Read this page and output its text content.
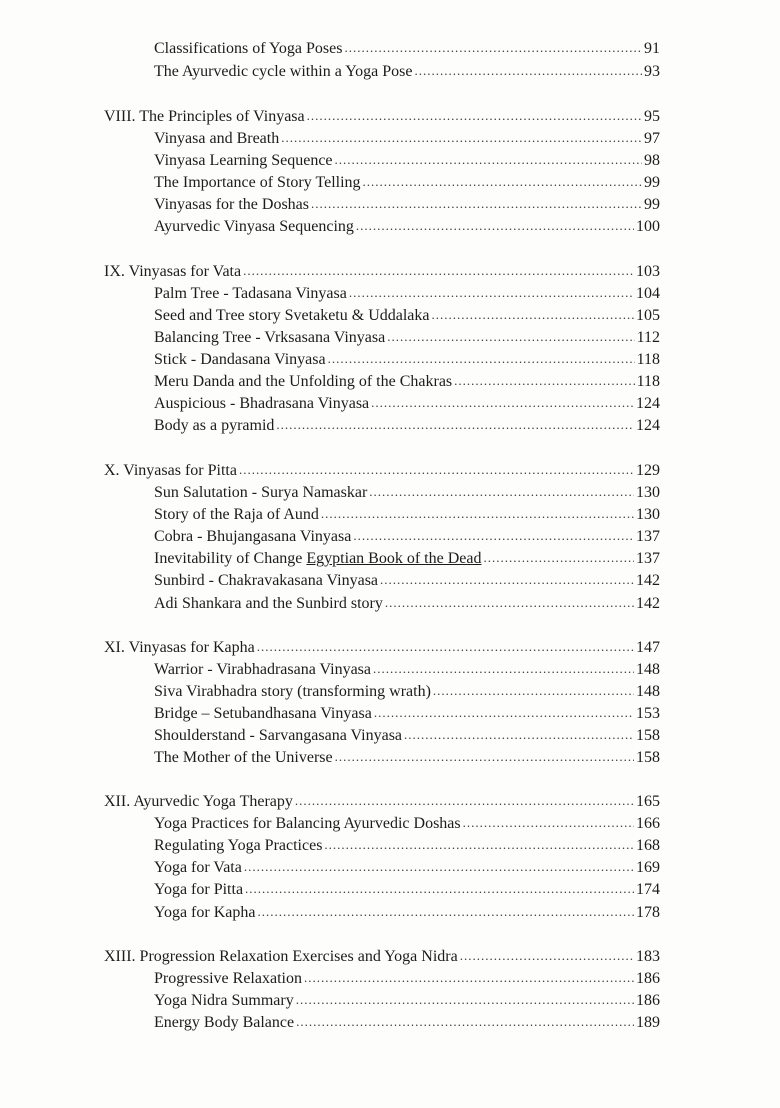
Classifications of Yoga Poses .....	91
The Ayurvedic cycle within a Yoga Pose .....	93
VIII. The Principles of Vinyasa .....	95
Vinyasa and Breath .....	97
Vinyasa Learning Sequence .....	98
The Importance of Story Telling .....	99
Vinyasas for the Doshas .....	99
Ayurvedic Vinyasa Sequencing .....	100
IX. Vinyasas for Vata .....	103
Palm Tree - Tadasana Vinyasa .....	104
Seed and Tree story Svetaketu & Uddalaka .....	105
Balancing Tree - Vrksasana Vinyasa .....	112
Stick - Dandasana Vinyasa .....	118
Meru Danda and the Unfolding of the Chakras .....	118
Auspicious - Bhadrasana Vinyasa .....	124
Body as a pyramid .....	124
X. Vinyasas for Pitta .....	129
Sun Salutation - Surya Namaskar .....	130
Story of the Raja of Aund .....	130
Cobra - Bhujangasana Vinyasa .....	137
Inevitability of Change Egyptian Book of the Dead .....	137
Sunbird - Chakravakasana Vinyasa .....	142
Adi Shankara and the Sunbird story .....	142
XI. Vinyasas for Kapha .....	147
Warrior - Virabhadrasana Vinyasa .....	148
Siva Virabhadra story (transforming wrath) .....	148
Bridge – Setubandhasana Vinyasa .....	153
Shoulderstand - Sarvangasana Vinyasa .....	158
The Mother of the Universe .....	158
XII. Ayurvedic Yoga Therapy .....	165
Yoga Practices for Balancing Ayurvedic Doshas .....	166
Regulating Yoga Practices .....	168
Yoga for Vata .....	169
Yoga for Pitta .....	174
Yoga for Kapha .....	178
XIII. Progression Relaxation Exercises and Yoga Nidra .....	183
Progressive Relaxation .....	186
Yoga Nidra Summary .....	186
Energy Body Balance .....	189
